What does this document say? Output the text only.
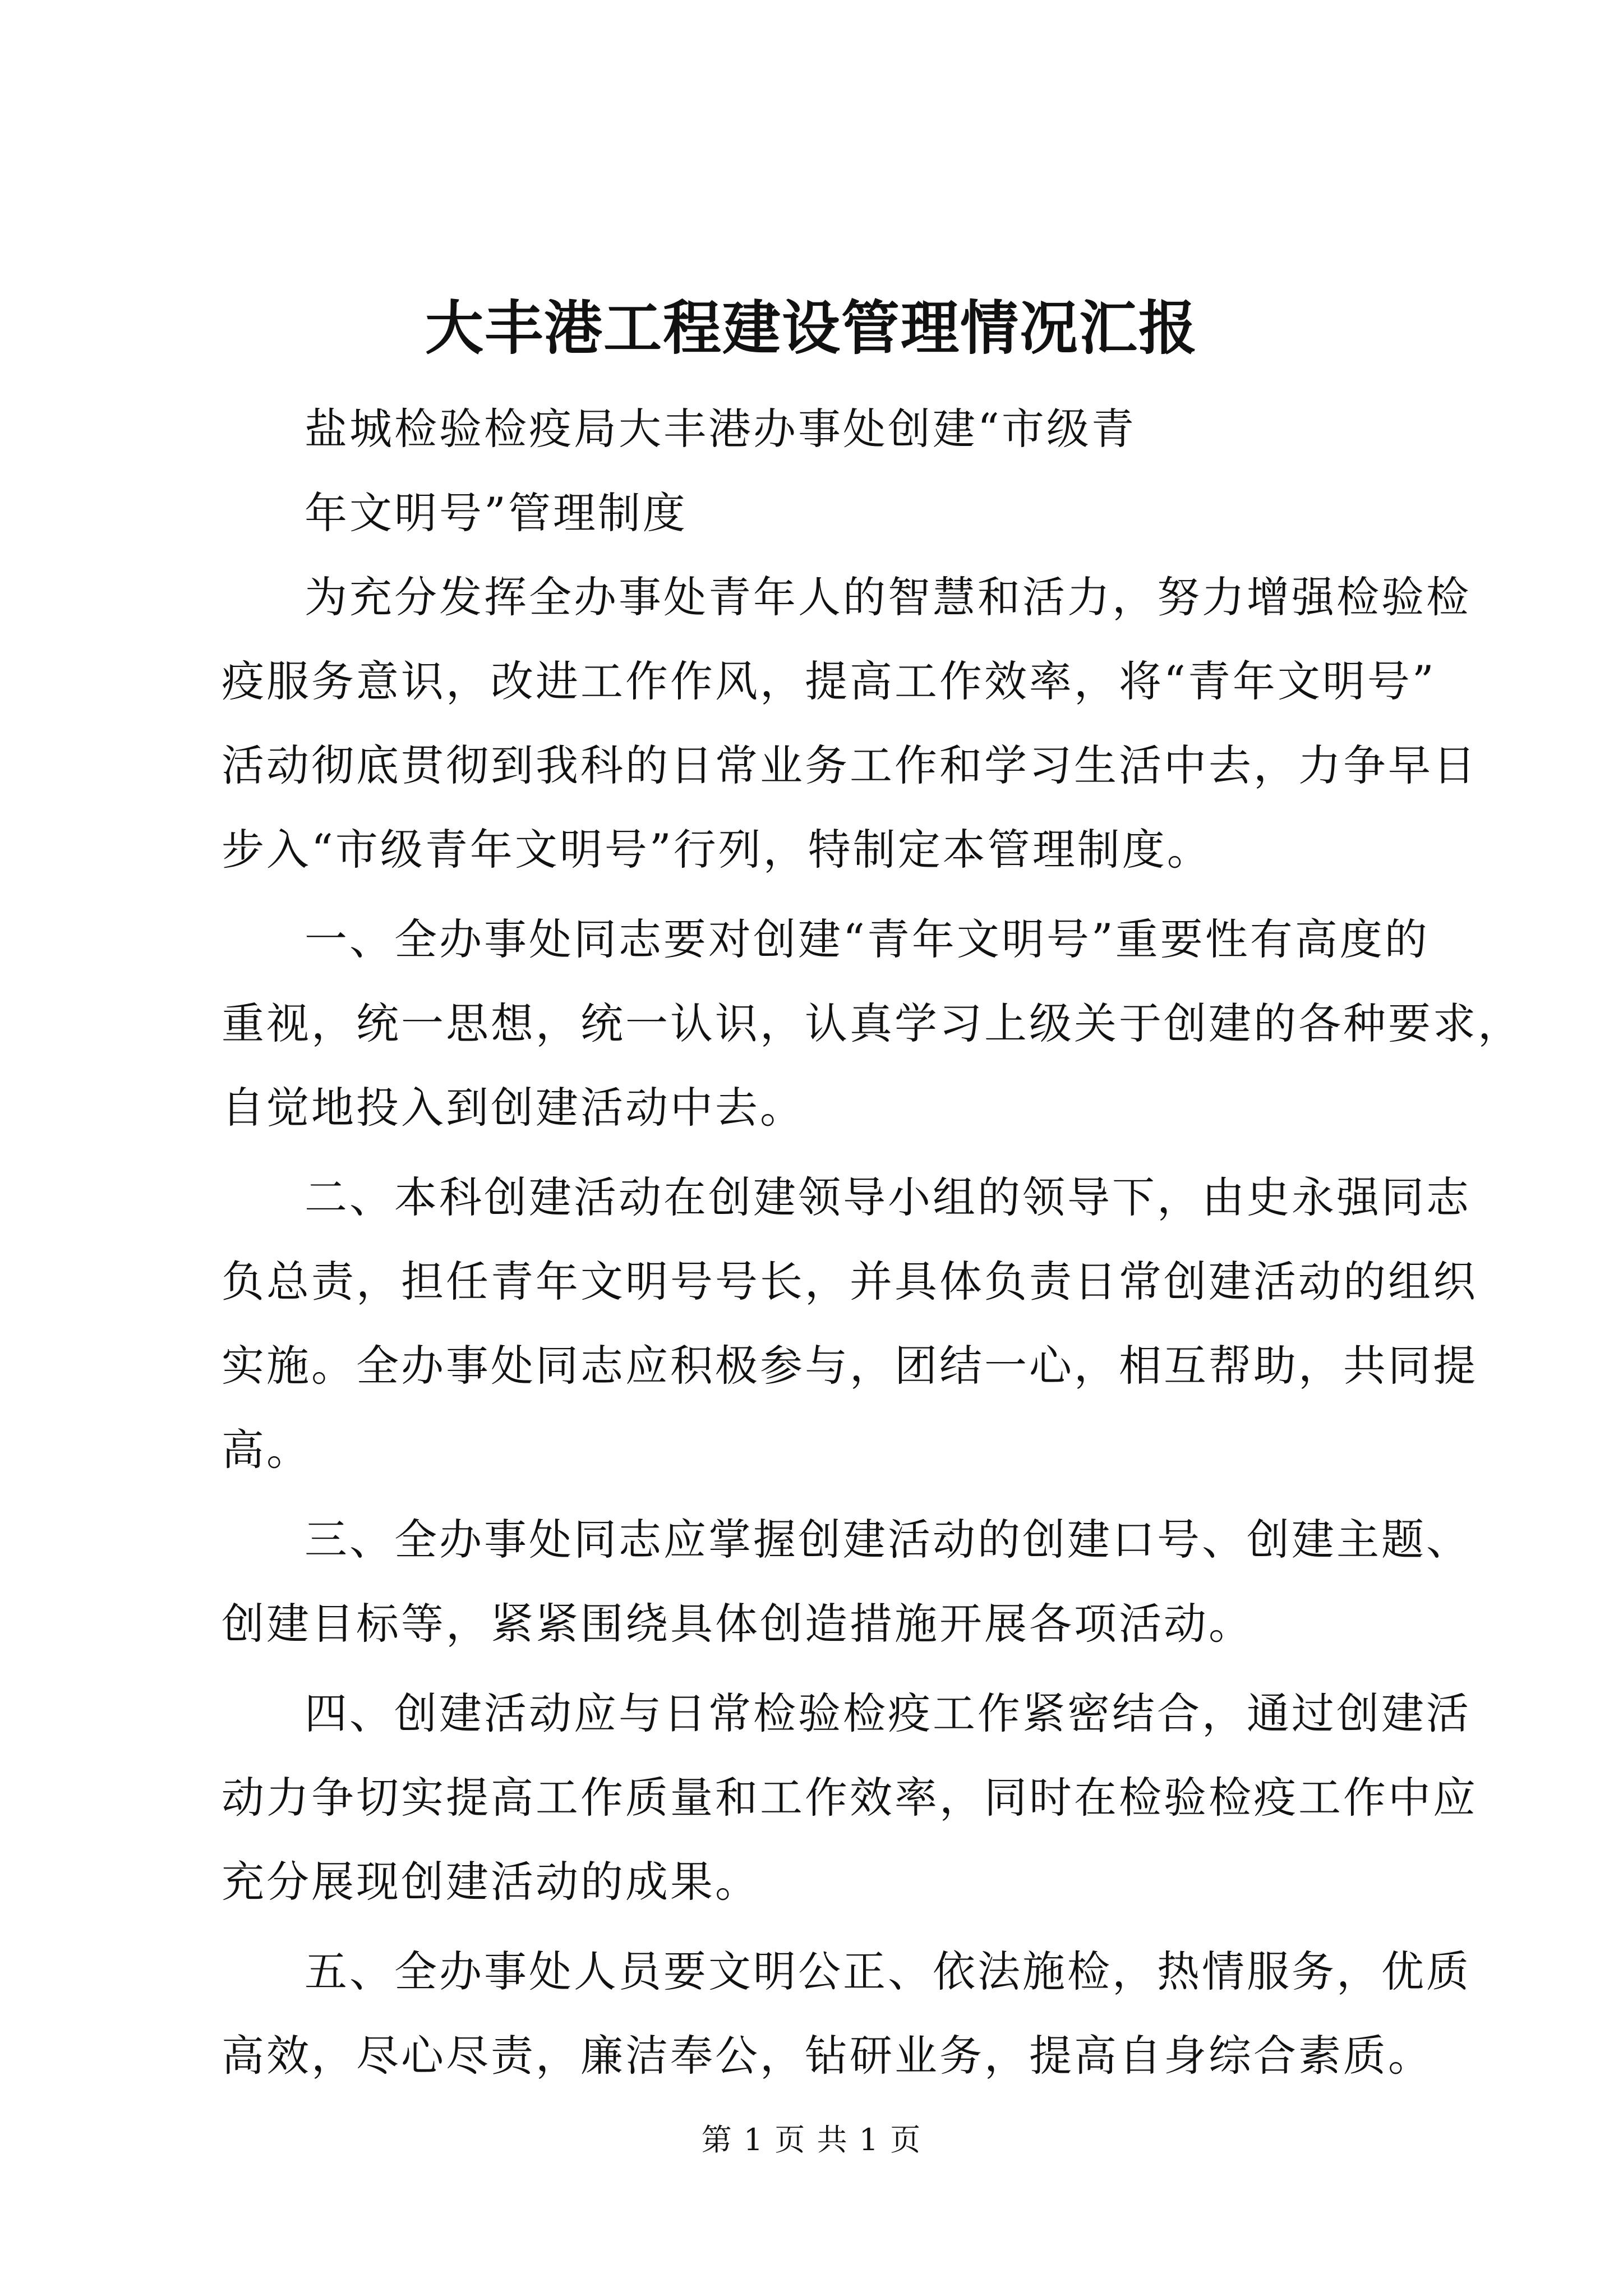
大丰港工程建设管理情况汇报
盐城检验检疫局大丰港办事处创建“市级青
年文明号”管理制度
为充分发挥全办事处青年人的智慧和活力，努力增强检验检
疫服务意识，改进工作作风，提高工作效率，将“青年文明号”
活动彻底贯彻到我科的日常业务工作和学习生活中去，力争早日
步入“市级青年文明号”行列，特制定本管理制度。
一、全办事处同志要对创建“青年文明号”重要性有高度的
重视，统一思想，统一认识，认真学习上级关于创建的各种要求，
自觉地投入到创建活动中去。
二、本科创建活动在创建领导小组的领导下，由史永强同志
负总责，担任青年文明号号长，并具体负责日常创建活动的组织
实施。全办事处同志应积极参与，团结一心，相互帮助，共同提
高。
三、全办事处同志应掌握创建活动的创建口号、创建主题、
创建目标等，紧紧围绕具体创造措施开展各项活动。
四、创建活动应与日常检验检疫工作紧密结合，通过创建活
动力争切实提高工作质量和工作效率，同时在检验检疫工作中应
充分展现创建活动的成果。
五、全办事处人员要文明公正、依法施检，热情服务，优质
高效，尽心尽责，廉洁奉公，钻研业务，提高自身综合素质。
第 1 页 共 1 页
